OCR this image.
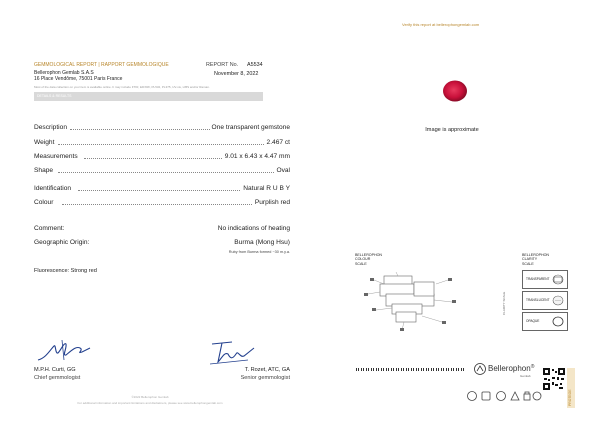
Verify this report at bellerophongemlab.com
GEMMOLOGICAL REPORT | RAPPORT GEMMOLOGIQUE
Bellerophon Gemlab S.A.S
16 Place Vendôme, 75001 Paris France
REPORT No. A5534
November 8, 2022
Most of the data collection on your item is available online. It may include FTIR, EDXRF, PL532, PL375, UV-vis, LIBS and/or Raman.
DETAILS & RESULTS
Description	One transparent gemstone
Weight	2.467 ct
Measurements	9.01 x 6.43 x 4.47 mm
Shape	Oval
Identification	Natural R U B Y
Colour	Purplish red
Comment:	No indications of heating
Geographic Origin:	Burma (Mong Hsu)
Ruby from Burma formed ~30 m.y.a.
Fluorescence: Strong red
M.P.H. Curti, GG
Chief gemmologist
T. Rozet, ATC, GA
Senior gemmologist
©2022 Bellerophon Gemlab
For additional information and important limitations and disclaimers, please see www.bellerophongemlab.com
Image is approximate
BELLEROPHON
COLOUR
SCALE
BELLEROPHON
CLARITY
SCALE
CLARITY SCALE
TRANSPARENT
TRANSLUCENT
OPAQUE
Bellerophon®
Gemlab
PROTEGE
